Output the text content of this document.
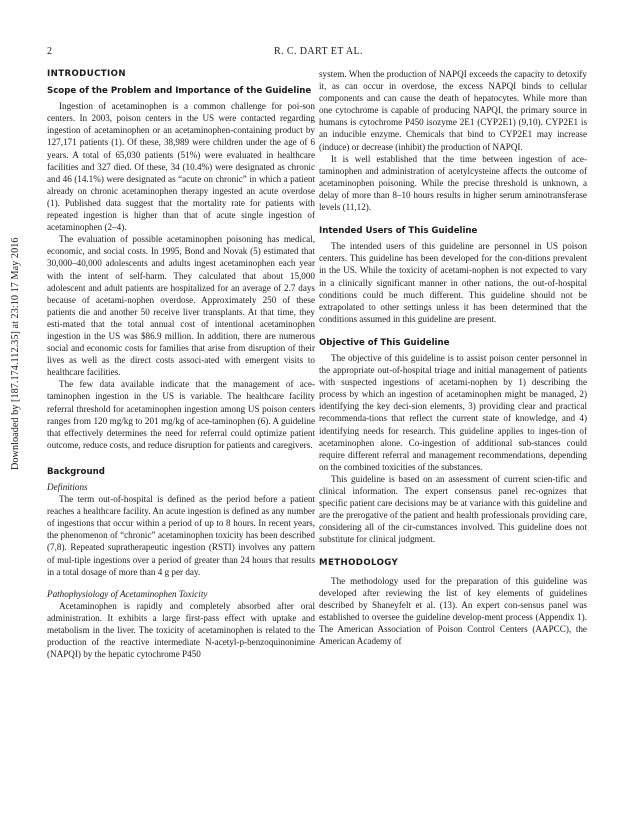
Downloaded by [187.174.112.35] at 23:10 17 May 2016
2	R. C. DART ET AL.
INTRODUCTION
Scope of the Problem and Importance of the Guideline

Ingestion of acetaminophen is a common challenge for poi-son centers. In 2003, poison centers in the US were contacted regarding ingestion of acetaminophen or an acetaminophen-containing product by 127,171 patients (1). Of these, 38,989 were children under the age of 6 years. A total of 65,030 patients (51%) were evaluated in healthcare facilities and 327 died. Of these, 34 (10.4%) were designated as chronic and 46 (14.1%) were designated as “acute on chronic” in which a patient already on chronic acetaminophen therapy ingested an acute overdose (1). Published data suggest that the mortality rate for patients with repeated ingestion is higher than that of acute single ingestion of acetaminophen (2–4).

The evaluation of possible acetaminophen poisoning has medical, economic, and social costs. In 1995, Bond and Novak (5) estimated that 30,000–40,000 adolescents and adults ingest acetaminophen each year with the intent of self-harm. They calculated that about 15,000 adolescent and adult patients are hospitalized for an average of 2.7 days because of acetami-nophen overdose. Approximately 250 of these patients die and another 50 receive liver transplants. At that time, they esti-mated that the total annual cost of intentional acetaminophen ingestion in the US was $86.9 million. In addition, there are numerous social and economic costs for families that arise from disruption of their lives as well as the direct costs associ-ated with emergent visits to healthcare facilities.

The few data available indicate that the management of ace-taminophen ingestion in the US is variable. The healthcare facility referral threshold for acetaminophen ingestion among US poison centers ranges from 120 mg/kg to 201 mg/kg of ace-taminophen (6). A guideline that effectively determines the need for referral could optimize patient outcome, reduce costs, and reduce disruption for patients and caregivers.

Background
Definitions

The term out-of-hospital is defined as the period before a patient reaches a healthcare facility. An acute ingestion is defined as any number of ingestions that occur within a period of up to 8 hours. In recent years, the phenomenon of “chronic” acetaminophen toxicity has been described (7,8). Repeated supratherapeutic ingestion (RSTI) involves any pattern of mul-tiple ingestions over a period of greater than 24 hours that results in a total dosage of more than 4 g per day.

Pathophysiology of Acetaminophen Toxicity

Acetaminophen is rapidly and completely absorbed after oral administration. It exhibits a large first-pass effect with uptake and metabolism in the liver. The toxicity of acetaminophen is related to the production of the reactive intermediate N-acetyl-p-benzoquinonimine (NAPQI) by the hepatic cytochrome P450

system. When the production of NAPQI exceeds the capacity to detoxify it, as can occur in overdose, the excess NAPQI binds to cellular components and can cause the death of hepatocytes. While more than one cytochrome is capable of producing NAPQI, the primary source in humans is cytochrome P450 isozyme 2E1 (CYP2E1) (9,10). CYP2E1 is an inducible enzyme. Chemicals that bind to CYP2E1 may increase (induce) or decrease (inhibit) the production of NAPQI.

It is well established that the time between ingestion of ace-taminophen and administration of acetylcysteine affects the outcome of acetaminophen poisoning. While the precise threshold is unknown, a delay of more than 8–10 hours results in higher serum aminotransferase levels (11,12).

Intended Users of This Guideline

The intended users of this guideline are personnel in US poison centers. This guideline has been developed for the con-ditions prevalent in the US. While the toxicity of acetami-nophen is not expected to vary in a clinically significant manner in other nations, the out-of-hospital conditions could be much different. This guideline should not be extrapolated to other settings unless it has been determined that the conditions assumed in this guideline are present.

Objective of This Guideline

The objective of this guideline is to assist poison center personnel in the appropriate out-of-hospital triage and initial management of patients with suspected ingestions of acetami-nophen by 1) describing the process by which an ingestion of acetaminophen might be managed, 2) identifying the key deci-sion elements, 3) providing clear and practical recommenda-tions that reflect the current state of knowledge, and 4) identifying needs for research. This guideline applies to inges-tion of acetaminophen alone. Co-ingestion of additional sub-stances could require different referral and management recommendations, depending on the combined toxicities of the substances.

This guideline is based on an assessment of current scien-tific and clinical information. The expert consensus panel rec-ognizes that specific patient care decisions may be at variance with this guideline and are the prerogative of the patient and health professionals providing care, considering all of the cir-cumstances involved. This guideline does not substitute for clinical judgment.

METHODOLOGY

The methodology used for the preparation of this guideline was developed after reviewing the list of key elements of guidelines described by Shaneyfelt et al. (13). An expert con-sensus panel was established to oversee the guideline develop-ment process (Appendix 1). The American Association of Poison Control Centers (AAPCC), the American Academy of
